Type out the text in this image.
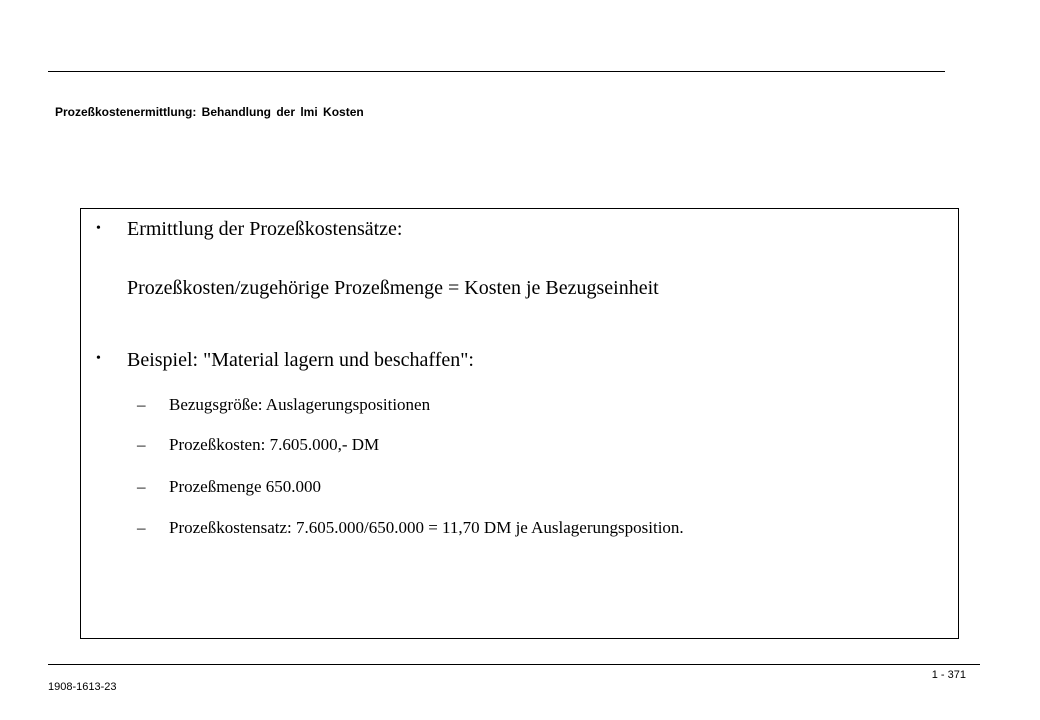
Prozeßkostenermittlung: Behandlung der lmi Kosten
• Ermittlung der Prozeßkostensätze:
Prozeßkosten/zugehörige Prozeßmenge = Kosten je Bezugseinheit
• Beispiel: "Material lagern und beschaffen":
– Bezugsgröße: Auslagerungspositionen
– Prozeßkosten: 7.605.000,- DM
– Prozeßmenge 650.000
– Prozeßkostensatz: 7.605.000/650.000 = 11,70 DM je Auslagerungsposition.
1 - 371
1908-1613-23
